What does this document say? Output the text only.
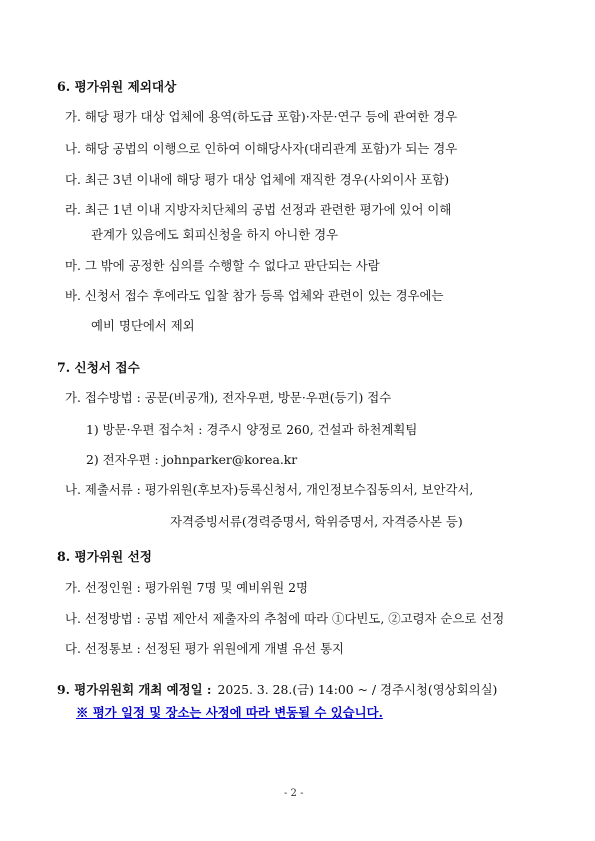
6. 평가위원 제외대상
가. 해당 평가 대상 업체에 용역(하도급 포함)·자문·연구 등에 관여한 경우
나. 해당 공법의 이행으로 인하여 이해당사자(대리관계 포함)가 되는 경우
다. 최근 3년 이내에 해당 평가 대상 업체에 재직한 경우(사외이사 포함)
라. 최근 1년 이내 지방자치단체의 공법 선정과 관련한 평가에 있어 이해
관계가 있음에도 회피신청을 하지 아니한 경우
마. 그 밖에 공정한 심의를 수행할 수 없다고 판단되는 사람
바. 신청서 접수 후에라도 입찰 참가 등록 업체와 관련이 있는 경우에는
예비 명단에서 제외
7. 신청서 접수
가. 접수방법 : 공문(비공개), 전자우편, 방문·우편(등기) 접수
1) 방문·우편 접수처 : 경주시 양정로 260, 건설과 하천계획팀
2) 전자우편 : johnparker@korea.kr
나. 제출서류 : 평가위원(후보자)등록신청서, 개인정보수집동의서, 보안각서,
자격증빙서류(경력증명서, 학위증명서, 자격증사본 등)
8. 평가위원 선정
가. 선정인원 : 평가위원 7명 및 예비위원 2명
나. 선정방법 : 공법 제안서 제출자의 추첨에 따라 ①다빈도, ②고령자 순으로 선정
다. 선정통보 : 선정된 평가 위원에게 개별 유선 통지
9. 평가위원회 개최 예정일 : 2025. 3. 28.(금) 14:00 ~ / 경주시청(영상회의실)
※ 평가 일정 및 장소는 사정에 따라 변동될 수 있습니다.
- 2 -
